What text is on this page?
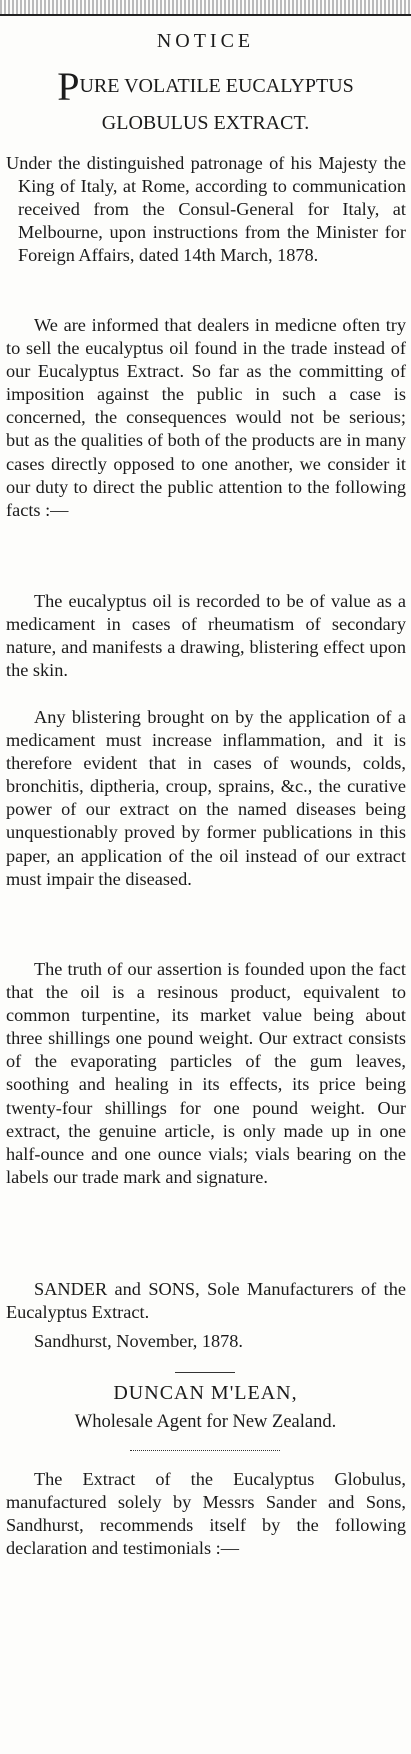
NOTICE
PURE VOLATILE EUCALYPTUS
GLOBULUS EXTRACT.
Under the distinguished patronage of his Majesty the King of Italy, at Rome, according to communication received from the Consul-General for Italy, at Melbourne, upon instructions from the Minister for Foreign Affairs, dated 14th March, 1878.
We are informed that dealers in medicne often try to sell the eucalyptus oil found in the trade instead of our Eucalyptus Extract. So far as the committing of imposition against the public in such a case is concerned, the consequences would not be serious; but as the qualities of both of the products are in many cases directly opposed to one another, we consider it our duty to direct the public attention to the following facts :—
The eucalyptus oil is recorded to be of value as a medicament in cases of rheumatism of secondary nature, and manifests a drawing, blistering effect upon the skin.
Any blistering brought on by the application of a medicament must increase inflammation, and it is therefore evident that in cases of wounds, colds, bronchitis, diptheria, croup, sprains, &c., the curative power of our extract on the named diseases being unquestionably proved by former publications in this paper, an application of the oil instead of our extract must impair the diseased.
The truth of our assertion is founded upon the fact that the oil is a resinous product, equivalent to common turpentine, its market value being about three shillings one pound weight. Our extract consists of the evaporating particles of the gum leaves, soothing and healing in its effects, its price being twenty-four shillings for one pound weight. Our extract, the genuine article, is only made up in one half-ounce and one ounce vials; vials bearing on the labels our trade mark and signature.
SANDER and SONS, Sole Manufacturers of the Eucalyptus Extract.
Sandhurst, November, 1878.
DUNCAN M'LEAN,
Wholesale Agent for New Zealand.
The Extract of the Eucalyptus Globulus, manufactured solely by Messrs Sander and Sons, Sandhurst, recommends itself by the following declaration and testimonials :—
